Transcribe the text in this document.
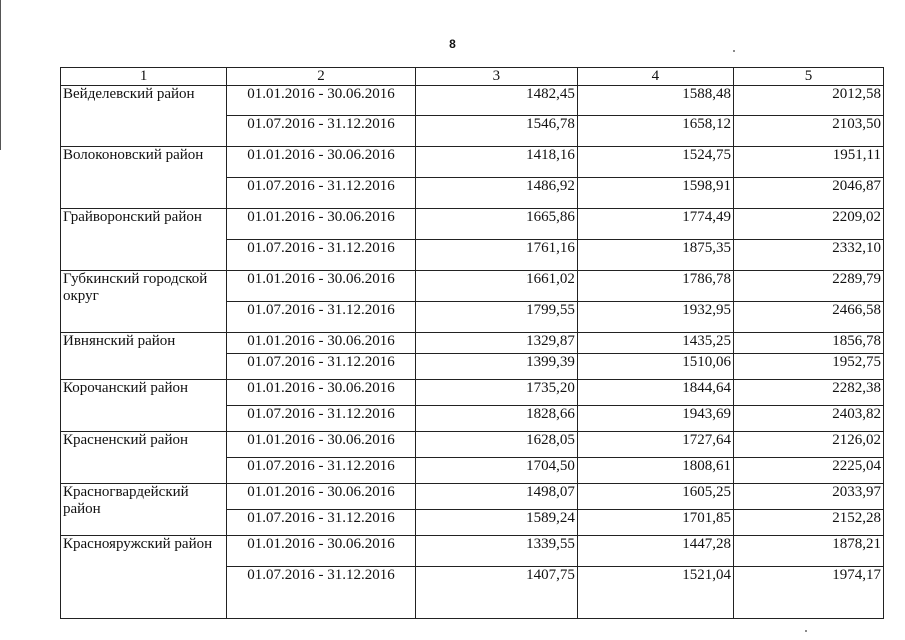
8
1	2	3	4	5
Вейделевский район	01.01.2016 - 30.06.2016	1482,45	1588,48	2012,58
	01.07.2016 - 31.12.2016	1546,78	1658,12	2103,50
Волоконовский район	01.01.2016 - 30.06.2016	1418,16	1524,75	1951,11
	01.07.2016 - 31.12.2016	1486,92	1598,91	2046,87
Грайворонский район	01.01.2016 - 30.06.2016	1665,86	1774,49	2209,02
	01.07.2016 - 31.12.2016	1761,16	1875,35	2332,10
Губкинский городской округ	01.01.2016 - 30.06.2016	1661,02	1786,78	2289,79
	01.07.2016 - 31.12.2016	1799,55	1932,95	2466,58
Ивнянский район	01.01.2016 - 30.06.2016	1329,87	1435,25	1856,78
	01.07.2016 - 31.12.2016	1399,39	1510,06	1952,75
Корочанский район	01.01.2016 - 30.06.2016	1735,20	1844,64	2282,38
	01.07.2016 - 31.12.2016	1828,66	1943,69	2403,82
Красненский район	01.01.2016 - 30.06.2016	1628,05	1727,64	2126,02
	01.07.2016 - 31.12.2016	1704,50	1808,61	2225,04
Красногвардейский район	01.01.2016 - 30.06.2016	1498,07	1605,25	2033,97
	01.07.2016 - 31.12.2016	1589,24	1701,85	2152,28
Краснояружский район	01.01.2016 - 30.06.2016	1339,55	1447,28	1878,21
	01.07.2016 - 31.12.2016	1407,75	1521,04	1974,17
